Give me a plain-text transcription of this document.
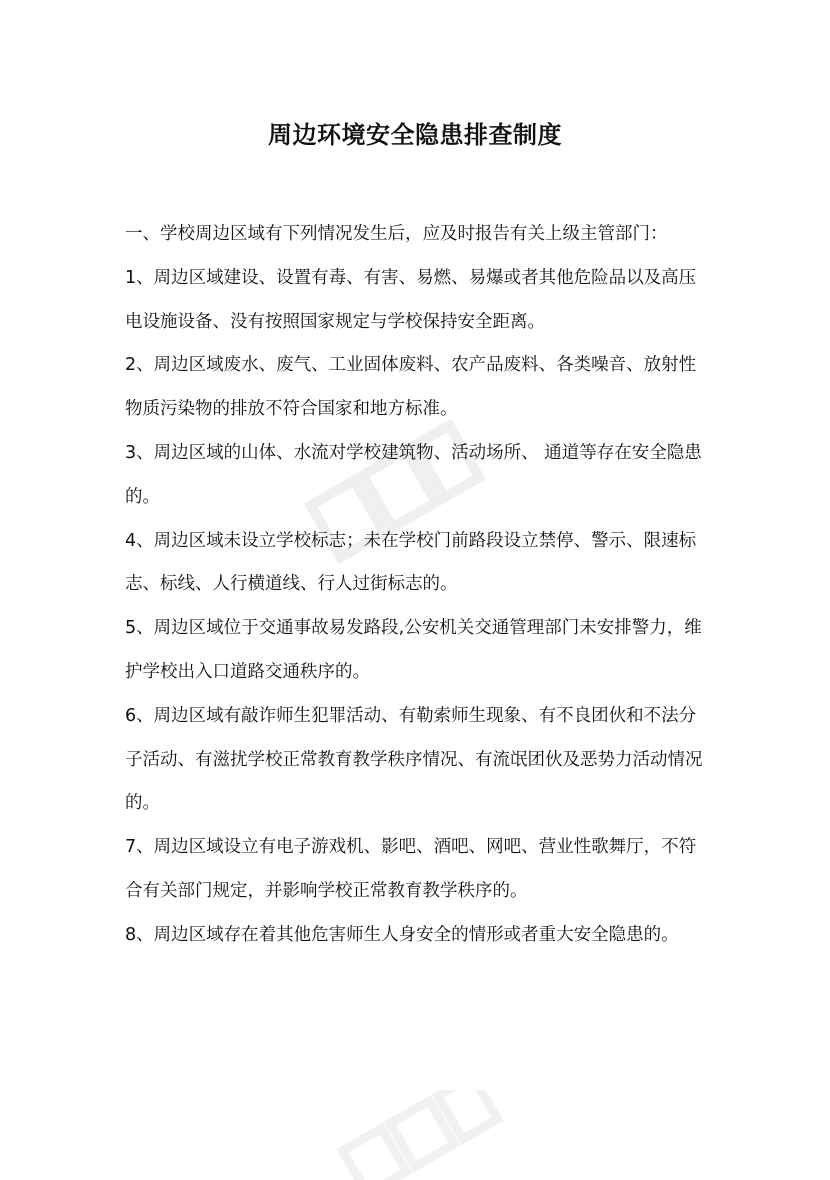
周边环境安全隐患排查制度

一、学校周边区域有下列情况发生后，应及时报告有关上级主管部门：

1、周边区域建设、设置有毒、有害、易燃、易爆或者其他危险品以及高压电设施设备、没有按照国家规定与学校保持安全距离。

2、周边区域废水、废气、工业固体废料、农产品废料、各类噪音、放射性物质污染物的排放不符合国家和地方标准。

3、周边区域的山体、水流对学校建筑物、活动场所、 通道等存在安全隐患的。

4、周边区域未设立学校标志；未在学校门前路段设立禁停、警示、限速标志、标线、人行横道线、行人过街标志的。

5、周边区域位于交通事故易发路段,公安机关交通管理部门未安排警力，维护学校出入口道路交通秩序的。

6、周边区域有敲诈师生犯罪活动、有勒索师生现象、有不良团伙和不法分子活动、有滋扰学校正常教育教学秩序情况、有流氓团伙及恶势力活动情况的。

7、周边区域设立有电子游戏机、影吧、酒吧、网吧、营业性歌舞厅，不符合有关部门规定，并影响学校正常教育教学秩序的。

8、周边区域存在着其他危害师生人身安全的情形或者重大安全隐患的。
